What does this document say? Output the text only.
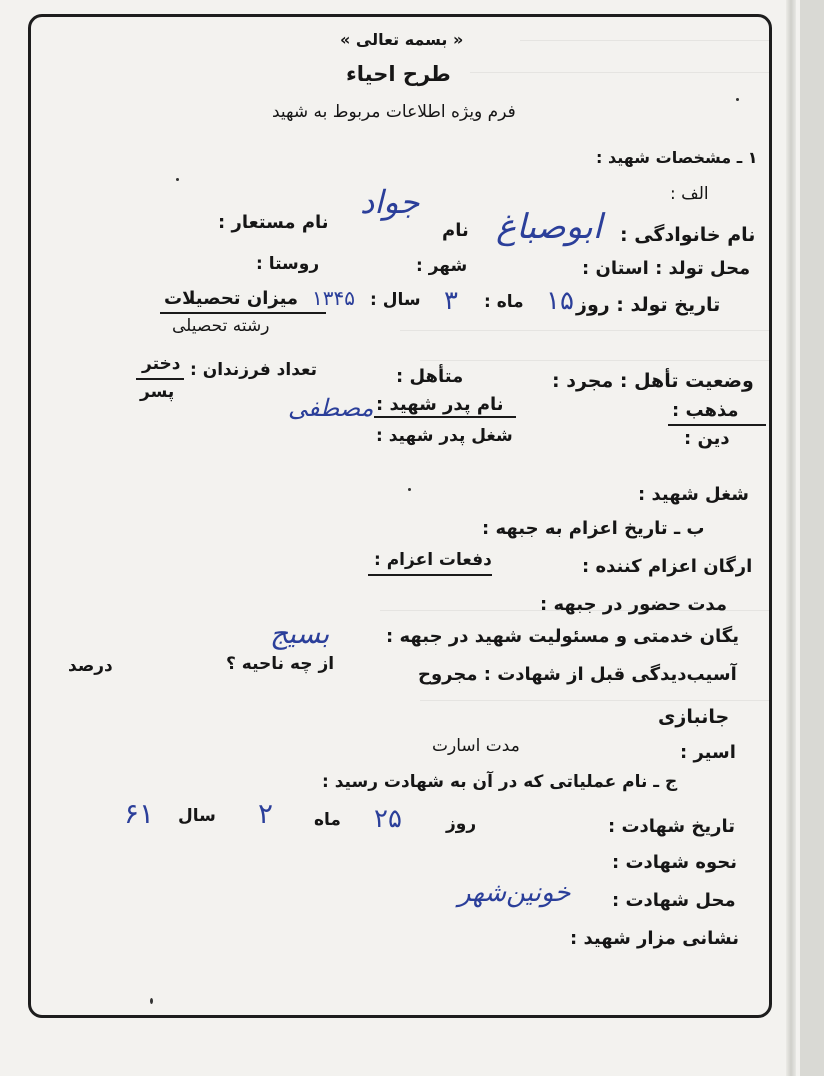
« بسمه تعالی »
طرح احیاء
فرم ویژه اطلاعات مربوط به شهید
۱ ـ مشخصات شهید :
الف :
نام خانوادگی :
ابوصباغ
نام
جواد
نام مستعار :
محل تولد : استان :
شهر :
روستا :
تاریخ تولد : روز
۱۵
ماه :
۳
سال :
۱۳۴۵
میزان تحصیلات
رشته تحصیلی
وضعیت تأهل : مجرد :
متأهل :
تعداد فرزندان :
دختر
پسر
مذهب :
دین :
نام پدر شهید :
مصطفی
شغل پدر شهید :
شغل شهید :
ب ـ تاریخ اعزام به جبهه :
ارگان اعزام کننده :
دفعات اعزام :
مدت حضور در جبهه :
یگان خدمتی و مسئولیت شهید در جبهه :
بسیج
آسیب‌دیدگی قبل از شهادت : مجروح
از چه ناحیه ؟
درصد
جانبازی
اسیر :
مدت اسارت
ج ـ نام عملیاتی که در آن به شهادت رسید :
تاریخ شهادت :
روز
۲۵
ماه
۲
سال
۶۱
نحوه شهادت :
محل شهادت :
خونین‌شهر
نشانی مزار شهید :
